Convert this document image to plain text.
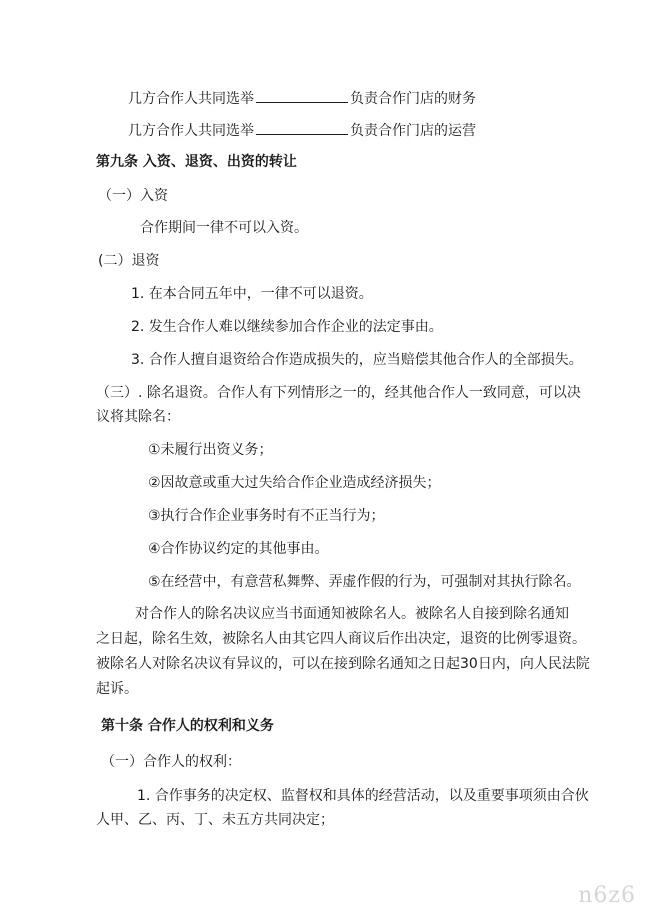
几方合作人共同选举	负责合作门店的财务
几方合作人共同选举	负责合作门店的运营
第九条 入资、退资、出资的转让
（一）入资
合作期间一律不可以入资。
(二）退资
1. 在本合同五年中，一律不可以退资。
2. 发生合作人难以继续参加合作企业的法定事由。
3. 合作人擅自退资给合作造成损失的，应当赔偿其他合作人的全部损失。
（三）. 除名退资。合作人有下列情形之一的，经其他合作人一致同意，可以决
议将其除名：
①未履行出资义务；
②因故意或重大过失给合作企业造成经济损失；
③执行合作企业事务时有不正当行为；
④合作协议约定的其他事由。
⑤在经营中，有意营私舞弊、弄虚作假的行为，可强制对其执行除名。
对合作人的除名决议应当书面通知被除名人。被除名人自接到除名通知
之日起，除名生效，被除名人由其它四人商议后作出决定，退资的比例零退资。
被除名人对除名决议有异议的，可以在接到除名通知之日起30日内，向人民法院
起诉。
第十条 合作人的权利和义务
（一）合作人的权利：
1. 合作事务的决定权、监督权和具体的经营活动，以及重要事项须由合伙
人甲、乙、丙、丁、未五方共同决定；
n6z6
